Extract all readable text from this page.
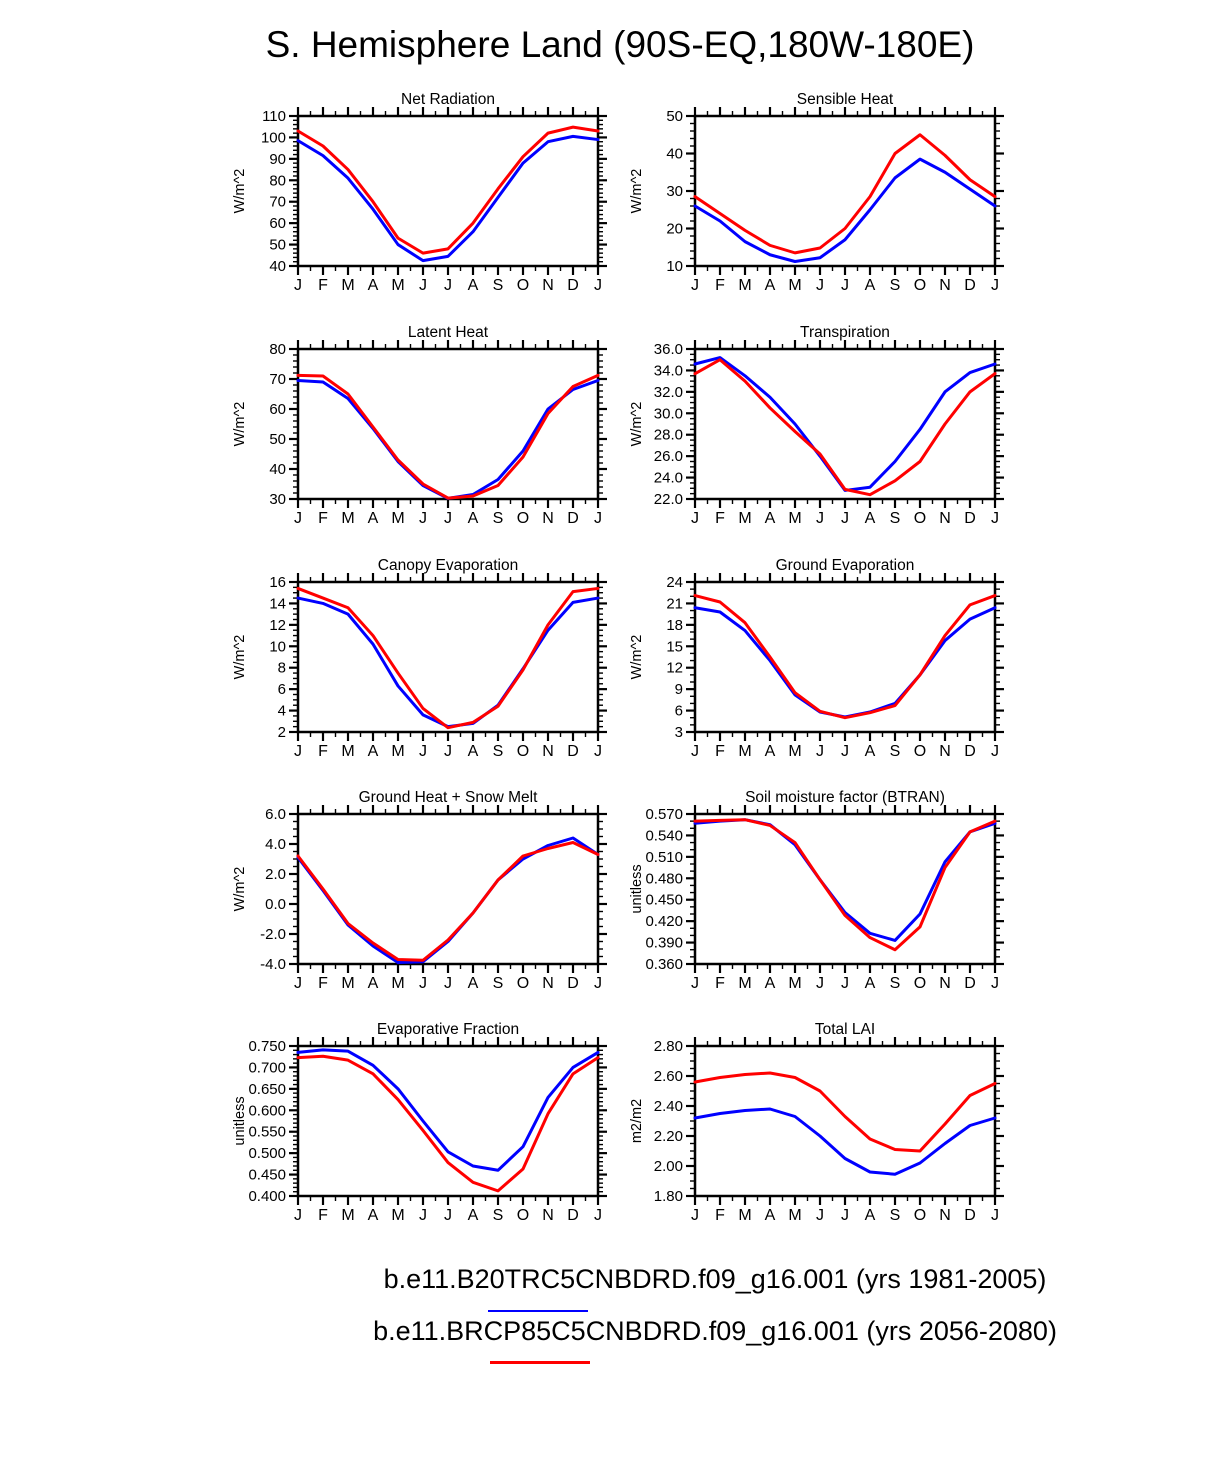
S. Hemisphere Land (90S-EQ,180W-180E)
40
50
60
70
80
90
100
110
J F M A M J J A S O N D J
Net Radiation
W/m^2
10
20
30
40
50
J F M A M J J A S O N D J
Sensible Heat
W/m^2
30
40
50
60
70
80
J F M A M J J A S O N D J
Latent Heat
W/m^2
22.0
24.0
26.0
28.0
30.0
32.0
34.0
36.0
J F M A M J J A S O N D J
Transpiration
W/m^2
2
4
6
8
10
12
14
16
J F M A M J J A S O N D J
Canopy Evaporation
W/m^2
3
6
9
12
15
18
21
24
J F M A M J J A S O N D J
Ground Evaporation
W/m^2
-4.0
-2.0
0.0
2.0
4.0
6.0
J F M A M J J A S O N D J
Ground Heat + Snow Melt
W/m^2
0.360
0.390
0.420
0.450
0.480
0.510
0.540
0.570
J F M A M J J A S O N D J
Soil moisture factor (BTRAN)
unitless
0.400
0.450
0.500
0.550
0.600
0.650
0.700
0.750
J F M A M J J A S O N D J
Evaporative Fraction
unitless
1.80
2.00
2.20
2.40
2.60
2.80
J F M A M J J A S O N D J
Total LAI
m2/m2
b.e11.B20TRC5CNBDRD.f09_g16.001 (yrs 1981-2005)
b.e11.BRCP85C5CNBDRD.f09_g16.001 (yrs 2056-2080)
